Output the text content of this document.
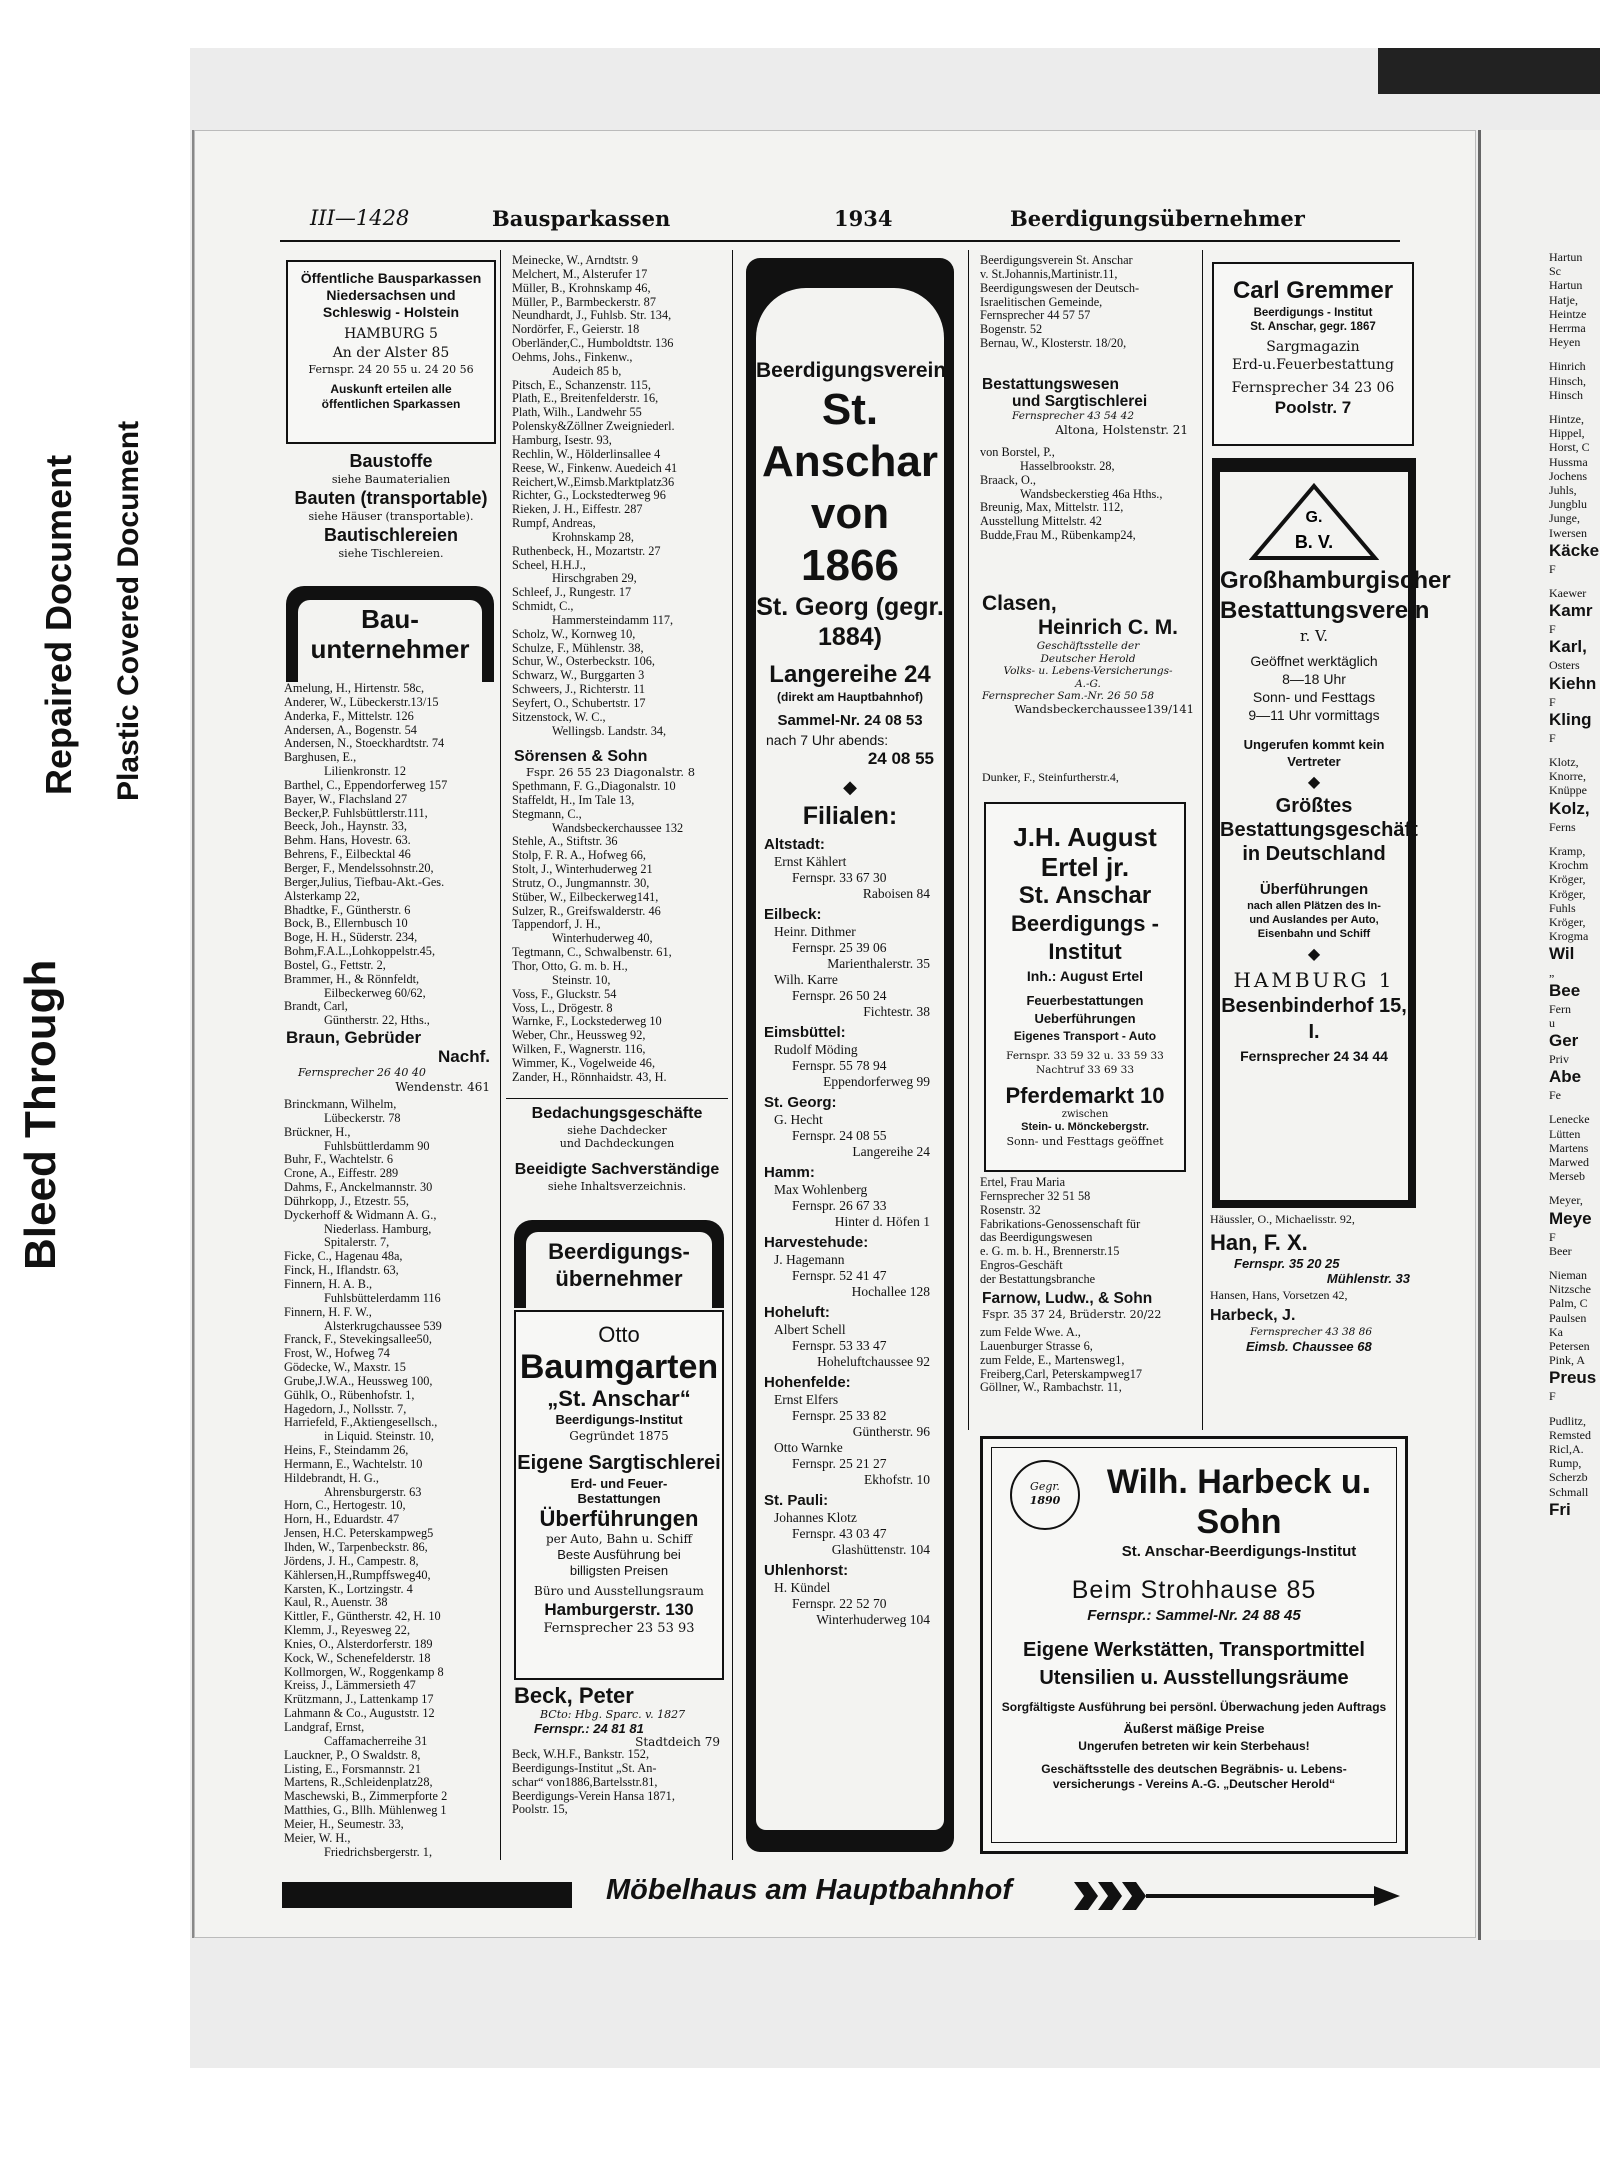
Bleed Through
Repaired Document Plastic Covered Document
III—1428	Bausparkassen	1934	Beerdigungsübernehmer
Öffentliche Bausparkassen
Niedersachsen und
Schleswig - Holstein
HAMBURG 5
An der Alster 85
Fernspr. 24 20 55 u. 24 20 56
Auskunft erteilen alle
öffentlichen Sparkassen
Baustoffe
siehe Baumaterialien
Bauten (transportable)
siehe Häuser (transportable).
Bautischlereien
siehe Tischlereien.
Bau-
unternehmer
Amelung, H., Hirtenstr. 58c,
Anderer, W., Lübeckerstr.13/15
Anderka, F., Mittelstr. 126
Andersen, A., Bogenstr. 54
Andersen, N., Stoeckhardtstr. 74
Barghusen, E.,
Lilienkronstr. 12
Barthel, C., Eppendorferweg 157
Bayer, W., Flachsland 27
Becker,P. Fuhlsbüttlerstr.111,
Beeck, Joh., Haynstr. 33,
Behm. Hans, Hovestr. 63.
Behrens, F., Eilbecktal 46
Berger, F., Mendelssohnstr.20,
Berger,Julius, Tiefbau-Akt.-Ges.
Alsterkamp 22,
Bhadtke, F., Güntherstr. 6
Bock, B., Ellernbusch 10
Boge, H. H., Süderstr. 234,
Bohm,F.A.L.,Lohkoppelstr.45,
Bostel, G., Fettstr. 2,
Brammer, H., & Rönnfeldt,
Eilbeckerweg 60/62,
Brandt, Carl,
Güntherstr. 22, Hths.,
Braun, Gebrüder
Nachf.
Fernsprecher 26 40 40
Wendenstr. 461
Brinckmann, Wilhelm,
Lübeckerstr. 78
Brückner, H.,
Fuhlsbüttlerdamm 90
Buhr, F., Wachtelstr. 6
Crone, A., Eiffestr. 289
Dahms, F., Anckelmannstr. 30
Dührkopp, J., Etzestr. 55,
Dyckerhoff & Widmann A. G.,
Niederlass. Hamburg,
Spitalerstr. 7,
Ficke, C., Hagenau 48a,
Finck, H., Iflandstr. 63,
Finnern, H. A. B.,
Fuhlsbüttelerdamm 116
Finnern, H. F. W.,
Alsterkrugchaussee 539
Franck, F., Stevekingsallee50,
Frost, W., Hofweg 74
Gödecke, W., Maxstr. 15
Grube,J.W.A., Heussweg 100,
Gühlk, O., Rübenhofstr. 1,
Hagedorn, J., Nollsstr. 7,
Harriefeld, F.,Aktiengesellsch.,
in Liquid. Steinstr. 10,
Heins, F., Steindamm 26,
Hermann, E., Wachtelstr. 10
Hildebrandt, H. G.,
Ahrensburgerstr. 63
Horn, C., Hertogestr. 10,
Horn, H., Eduardstr. 47
Jensen, H.C. Peterskampweg5
Ihden, W., Tarpenbeckstr. 86,
Jördens, J. H., Campestr. 8,
Kählersen,H.,Rumpffsweg40,
Karsten, K., Lortzingstr. 4
Kaul, R., Auenstr. 38
Kittler, F., Güntherstr. 42, H. 10
Klemm, J., Reyesweg 22,
Knies, O., Alsterdorferstr. 189
Kock, W., Schenefelderstr. 18
Kollmorgen, W., Roggenkamp 8
Kreiss, J., Lämmersieth 47
Krützmann, J., Lattenkamp 17
Lahmann & Co., Auguststr. 12
Landgraf, Ernst,
Caffamacherreihe 31
Lauckner, P., O Swaldstr. 8,
Listing, E., Forsmannstr. 21
Martens, R.,Schleidenplatz28,
Maschewski, B., Zimmerpforte 2
Matthies, G., Bllh. Mühlenweg 1
Meier, H., Seumestr. 33,
Meier, W. H.,
Friedrichsbergerstr. 1,
Meinecke, W., Arndtstr. 9
Melchert, M., Alsterufer 17
Müller, B., Krohnskamp 46,
Müller, P., Barmbeckerstr. 87
Neundhardt, J., Fuhlsb. Str. 134,
Nordörfer, F., Geierstr. 18
Oberländer,C., Humboldtstr. 136
Oehms, Johs., Finkenw.,
Audeich 85 b,
Pitsch, E., Schanzenstr. 115,
Plath, E., Breitenfelderstr. 16,
Plath, Wilh., Landwehr 55
Polensky&Zöllner Zweigniederl.
Hamburg, Isestr. 93,
Rechlin, W., Hölderlinsallee 4
Reese, W., Finkenw. Auedeich 41
Reichert,W.,Eimsb.Marktplatz36
Richter, G., Lockstedterweg 96
Rieken, J. H., Eiffestr. 287
Rumpf, Andreas,
Krohnskamp 28,
Ruthenbeck, H., Mozartstr. 27
Scheel, H.H.J.,
Hirschgraben 29,
Schleef, J., Rungestr. 17
Schmidt, C.,
Hammersteindamm 117,
Scholz, W., Kornweg 10,
Schulze, F., Mühlenstr. 38,
Schur, W., Osterbeckstr. 106,
Schwarz, W., Burggarten 3
Schweers, J., Richterstr. 11
Seyfert, O., Schubertstr. 17
Sitzenstock, W. C.,
Wellingsb. Landstr. 34,
Sörensen & Sohn
Fspr. 26 55 23 Diagonalstr. 8
Spethmann, F. G.,Diagonalstr. 10
Staffeldt, H., Im Tale 13,
Stegmann, C.,
Wandsbeckerchaussee 132
Stehle, A., Stiftstr. 36
Stolp, F. R. A., Hofweg 66,
Stolt, J., Winterhuderweg 21
Strutz, O., Jungmannstr. 30,
Stüber, W., Eilbeckerweg141,
Sulzer, R., Greifswalderstr. 46
Tappendorf, J. H.,
Winterhuderweg 40,
Tegtmann, C., Schwalbenstr. 61,
Thor, Otto, G. m. b. H.,
Steinstr. 10,
Voss, F., Gluckstr. 54
Voss, L., Drögestr. 8
Warnke, F., Lockstederweg 10
Weber, Chr., Heussweg 92,
Wilken, F., Wagnerstr. 116,
Wimmer, K., Vogelweide 46,
Zander, H., Rönnhaidstr. 43, H.
Bedachungsgeschäfte
siehe Dachdecker
und Dachdeckungen
Beeidigte Sachverständige
siehe Inhaltsverzeichnis.
Beerdigungs-
übernehmer
Otto
Baumgarten
„St. Anschar“
Beerdigungs-Institut
Gegründet 1875
Eigene Sargtischlerei
Erd- und Feuer-
Bestattungen
Überführungen
per Auto, Bahn u. Schiff
Beste Ausführung bei
billigsten Preisen
Büro und Ausstellungsraum
Hamburgerstr. 130
Fernsprecher 23 53 93
Beck, Peter
BCto: Hbg. Sparc. v. 1827
Fernspr.: 24 81 81
Stadtdeich 79
Beck, W.H.F., Bankstr. 152,
Beerdigungs-Institut „St. An-
schar“ von1886,Bartelsstr.81,
Beerdigungs-Verein Hansa 1871,
Poolstr. 15,
Beerdigungsverein
St. Anschar
von 1866
St. Georg (gegr. 1884)
Langereihe 24
(direkt am Hauptbahnhof)
Sammel-Nr. 24 08 53
nach 7 Uhr abends:
24 08 55
◆
Filialen:
Altstadt:
Ernst Kählert
Fernspr. 33 67 30
Raboisen 84
Eilbeck:
Heinr. Dithmer
Fernspr. 25 39 06
Marienthalerstr. 35
Wilh. Karre
Fernspr. 26 50 24
Fichtestr. 38
Eimsbüttel:
Rudolf Möding
Fernspr. 55 78 94
Eppendorferweg 99
St. Georg:
G. Hecht
Fernspr. 24 08 55
Langereihe 24
Hamm:
Max Wohlenberg
Fernspr. 26 67 33
Hinter d. Höfen 1
Harvestehude:
J. Hagemann
Fernspr. 52 41 47
Hochallee 128
Hoheluft:
Albert Schell
Fernspr. 53 33 47
Hoheluftchaussee 92
Hohenfelde:
Ernst Elfers
Fernspr. 25 33 82
Güntherstr. 96
Otto Warnke
Fernspr. 25 21 27
Ekhofstr. 10
St. Pauli:
Johannes Klotz
Fernspr. 43 03 47
Glashüttenstr. 104
Uhlenhorst:
H. Kündel
Fernspr. 22 52 70
Winterhuderweg 104
Beerdigungsverein St. Anschar
v. St.Johannis,Martinistr.11,
Beerdigungswesen der Deutsch-
Israelitischen Gemeinde,
Fernsprecher 44 57 57
Bogenstr. 52
Bernau, W., Klosterstr. 18/20,
Bestattungswesen
und Sargtischlerei
Fernsprecher 43 54 42
Altona, Holstenstr. 21
von Borstel, P.,
Hasselbrookstr. 28,
Braack, O.,
Wandsbeckerstieg 46a Hths.,
Breunig, Max, Mittelstr. 112,
Ausstellung Mittelstr. 42
Budde,Frau M., Rübenkamp24,
Clasen,
Heinrich C. M.
Geschäftsstelle der
Deutscher Herold
Volks- u. Lebens-Versicherungs-
A.-G.
Fernsprecher Sam.-Nr. 26 50 58
Wandsbeckerchaussee139/141
Dunker, F., Steinfurtherstr.4,
J.H. August Ertel jr.
St. Anschar
Beerdigungs - Institut
Inh.: August Ertel
Feuerbestattungen
Ueberführungen
Eigenes Transport - Auto
Fernspr. 33 59 32 u. 33 59 33
Nachtruf 33 69 33
Pferdemarkt 10
zwischen
Stein- u. Mönckebergstr.
Sonn- und Festtags geöffnet
Ertel, Frau Maria
Fernsprecher 32 51 58
Rosenstr. 32
Fabrikations-Genossenschaft für
das Beerdigungswesen
e. G. m. b. H., Brennerstr.15
Engros-Geschäft
der Bestattungsbranche
Farnow, Ludw., & Sohn
Fspr. 35 37 24, Brüderstr. 20/22
zum Felde Wwe. A.,
Lauenburger Strasse 6,
zum Felde, E., Martensweg1,
Freiberg,Carl, Peterskampweg17
Göllner, W., Rambachstr. 11,
Carl Gremmer
Beerdigungs - Institut
St. Anschar, gegr. 1867
Sargmagazin
Erd-u.Feuerbestattung
Fernsprecher 34 23 06
Poolstr. 7
G.
B. V.
Großhamburgischer
Bestattungsverein
r. V.
Geöffnet werktäglich
8—18 Uhr
Sonn- und Festtags
9—11 Uhr vormittags
Ungerufen kommt kein
Vertreter
◆
Größtes
Bestattungsgeschäft
in Deutschland
Überführungen
nach allen Plätzen des In-
und Auslandes per Auto,
Eisenbahn und Schiff
◆
HAMBURG 1
Besenbinderhof 15, I.
Fernsprecher 24 34 44
Häussler, O., Michaelisstr. 92,
Han, F. X.
Fernspr. 35 20 25
Mühlenstr. 33
Hansen, Hans, Vorsetzen 42,
Harbeck, J.
Fernsprecher 43 38 86
Eimsb. Chaussee 68
Gegr.
1890	Wilh. Harbeck u. Sohn
St. Anschar-Beerdigungs-Institut
Beim Strohhause 85
Fernspr.: Sammel-Nr. 24 88 45
Eigene Werkstätten, Transportmittel
Utensilien u. Ausstellungsräume
Sorgfältigste Ausführung bei persönl. Überwachung jeden Auftrags
Äußerst mäßige Preise
Ungerufen betreten wir kein Sterbehaus!
Geschäftsstelle des deutschen Begräbnis- u. Lebens-
versicherungs - Vereins A.-G. „Deutscher Herold“
Möbelhaus am Hauptbahnhof
Hartun
Sc
Hartun
Hatje,
Heintze
Herrma
Heyen
Hinrich
Hinsch,
Hinsch
Hintze,
Hippel,
Horst, C
Hussma
Jochens
Juhls,
Jungblu
Junge,
Iwersen
Käcke
F
Kaewer
Kamr
F
Karl,
Osters
Kiehn
F
Kling
F
Klotz,
Knorre,
Knüppe
Kolz,
Ferns
Kramp,
Krochm
Kröger,
Kröger,
Fuhls
Kröger,
Krogma
Wil
„
Bee
Fern
u
Ger
Priv
Abe
Fe
Lenecke
Lütten
Martens
Marwed
Merseb
Meyer,
Meye
F
Beer
Nieman
Nitzsche
Palm, C
Paulsen
Ka
Petersen
Pink, A
Preus
F
Pudlitz,
Remsted
Ricl,A.
Rump,
Scherzb
Schmall
Fri
